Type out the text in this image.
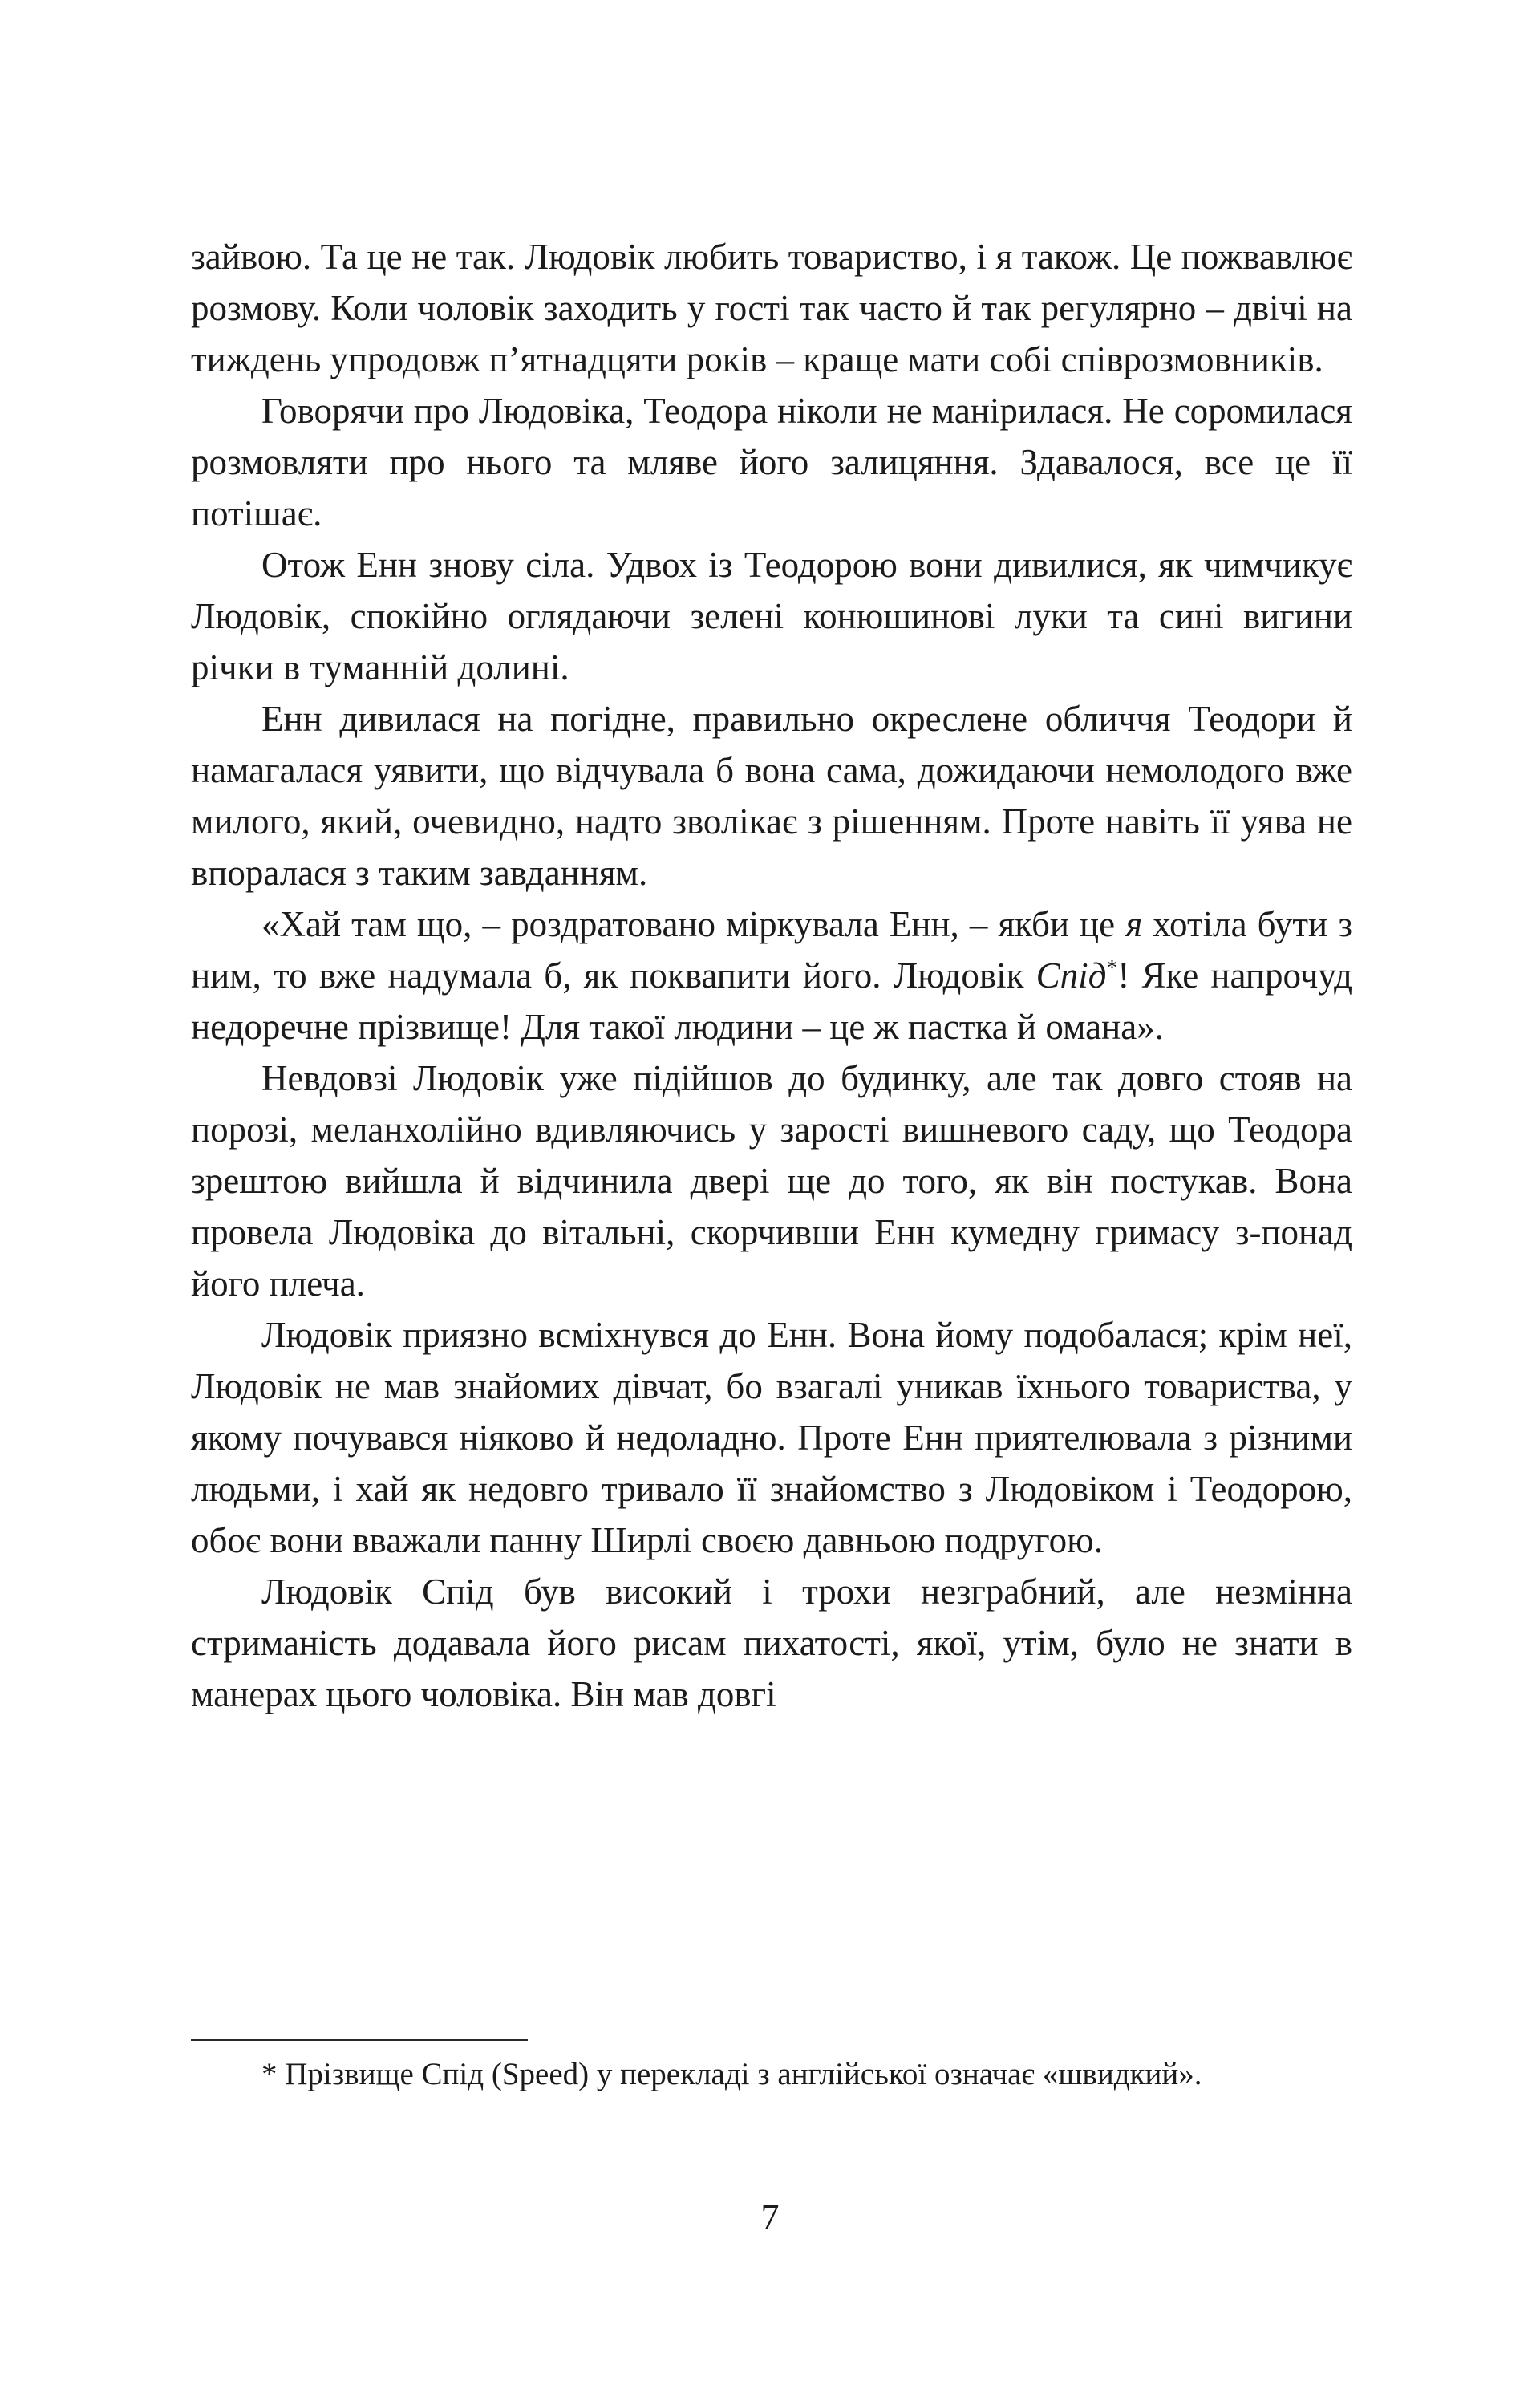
зайвою. Та це не так. Людовік любить товариство, і я також. Це пожвавлює розмову. Коли чоловік заходить у гості так часто й так регулярно – двічі на тиждень упродовж п’ятнадцяти років – краще мати собі співрозмовників.

Говорячи про Людовіка, Теодора ніколи не манірилася. Не соромилася розмовляти про нього та мляве його залицяння. Здавалося, все це її потішає.

Отож Енн знову сіла. Удвох із Теодорою вони дивилися, як чимчикує Людовік, спокійно оглядаючи зелені конюшинові луки та сині вигини річки в туманній долині.

Енн дивилася на погідне, правильно окреслене обличчя Теодори й намагалася уявити, що відчувала б вона сама, дожидаючи немолодого вже милого, який, очевидно, надто зволікає з рішенням. Проте навіть її уява не впоралася з таким завданням.

«Хай там що, – роздратовано міркувала Енн, – якби це я хотіла бути з ним, то вже надумала б, як поквапити його. Людовік Спід*! Яке напрочуд недоречне прізвище! Для такої людини – це ж пастка й омана».

Невдовзі Людовік уже підійшов до будинку, але так довго стояв на порозі, меланхолійно вдивляючись у зарості вишневого саду, що Теодора зрештою вийшла й відчинила двері ще до того, як він постукав. Вона провела Людовіка до вітальні, скорчивши Енн кумедну гримасу з-понад його плеча.

Людовік приязно всміхнувся до Енн. Вона йому подобалася; крім неї, Людовік не мав знайомих дівчат, бо взагалі уникав їхнього товариства, у якому почувався ніяково й недоладно. Проте Енн приятелювала з різними людьми, і хай як недовго тривало її знайомство з Людовіком і Теодорою, обоє вони вважали панну Ширлі своєю давньою подругою.

Людовік Спід був високий і трохи незграбний, але незмінна стриманість додавала його рисам пихатості, якої, утім, було не знати в манерах цього чоловіка. Він мав довгі

* Прізвище Спід (Speed) у перекладі з англійської означає «швидкий».

7
